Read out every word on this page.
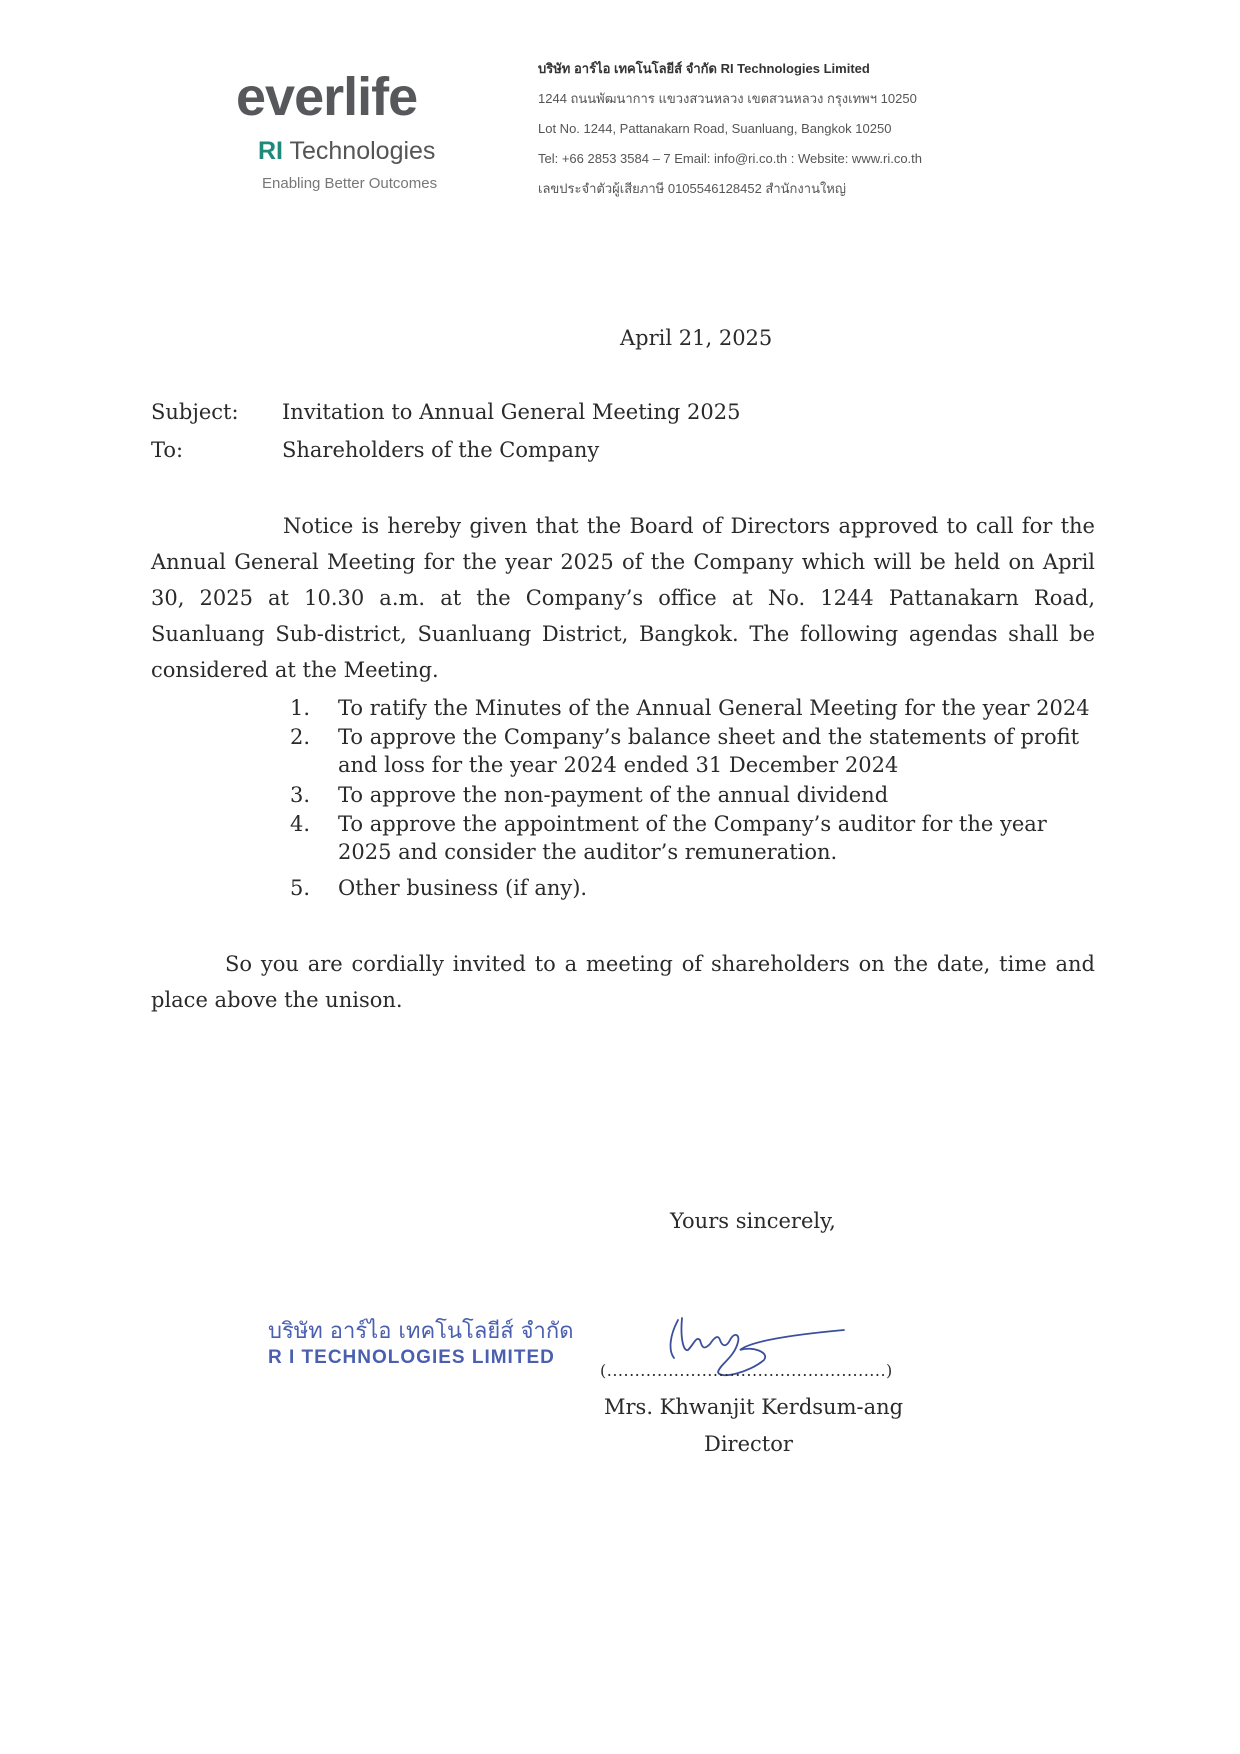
everlife
RI Technologies
Enabling Better Outcomes
บริษัท อาร์ไอ เทคโนโลยีส์ จำกัด RI Technologies Limited
1244 ถนนพัฒนาการ แขวงสวนหลวง เขตสวนหลวง กรุงเทพฯ 10250
Lot No. 1244, Pattanakarn Road, Suanluang, Bangkok 10250
Tel: +66 2853 3584 – 7 Email: info@ri.co.th : Website: www.ri.co.th
เลขประจำตัวผู้เสียภาษี 0105546128452 สำนักงานใหญ่
April 21, 2025
Subject: Invitation to Annual General Meeting 2025
To:	Shareholders of the Company

Notice is hereby given that the Board of Directors approved to call for the Annual General Meeting for the year 2025 of the Company which will be held on April 30, 2025 at 10.30 a.m. at the Company’s office at No. 1244 Pattanakarn Road, Suanluang Sub-district, Suanluang District, Bangkok. The following agendas shall be considered at the Meeting.

1.	To ratify the Minutes of the Annual General Meeting for the year 2024
2.	To approve the Company’s balance sheet and the statements of profit and loss for the year 2024 ended 31 December 2024
3.	To approve the non-payment of the annual dividend
4.	To approve the appointment of the Company’s auditor for the year 2025 and consider the auditor’s remuneration.
5.	Other business (if any).

So you are cordially invited to a meeting of shareholders on the date, time and place above the unison.

Yours sincerely,
(..................................................)
Mrs. Khwanjit Kerdsum-ang
Director
บริษัท อาร์ไอ เทคโนโลยีส์ จำกัด
R I TECHNOLOGIES LIMITED
